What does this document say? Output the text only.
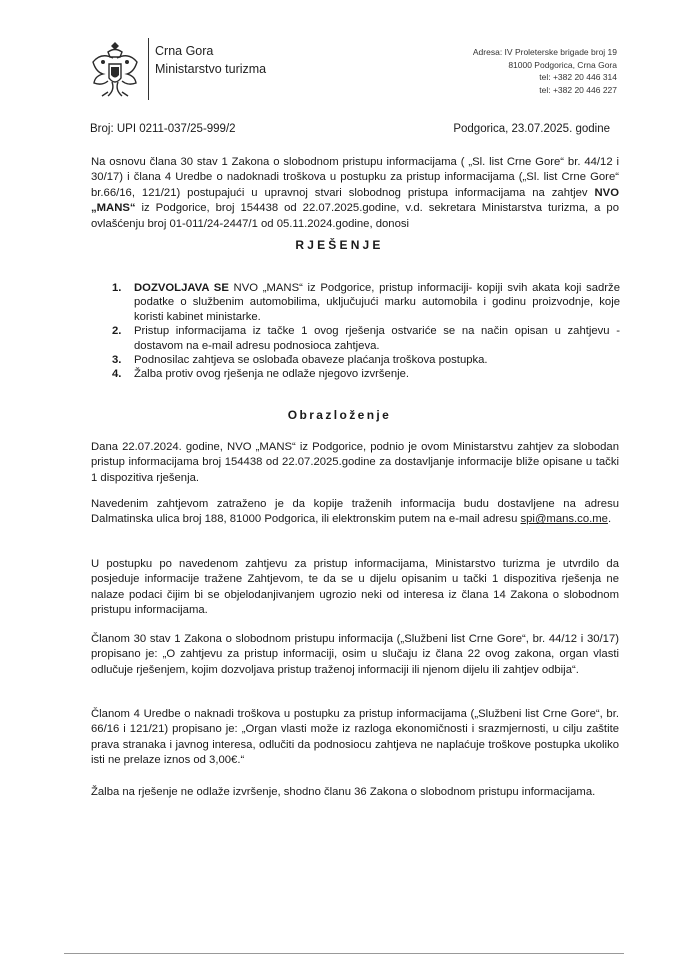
Crna Gora
Ministarstvo turizma
Adresa: IV Proleterske brigade broj 19
81000 Podgorica, Crna Gora
tel: +382 20 446 314
tel: +382 20 446 227
Broj: UPI 0211-037/25-999/2	Podgorica, 23.07.2025. godine

Na osnovu člana 30 stav 1 Zakona o slobodnom pristupu informacijama ( „Sl. list Crne Gore“ br. 44/12 i 30/17) i člana 4 Uredbe o nadoknadi troškova u postupku za pristup informacijama („Sl. list Crne Gore“ br.66/16, 121/21) postupajući u upravnoj stvari slobodnog pristupa informacijama na zahtjev NVO „MANS“ iz Podgorice, broj 154438 od 22.07.2025.godine, v.d. sekretara Ministarstva turizma, a po ovlašćenju broj 01-011/24-2447/1 od 05.11.2024.godine, donosi

RJEŠENJE
1. DOZVOLJAVA SE NVO „MANS“ iz Podgorice, pristup informaciji- kopiji svih akata koji sadrže podatke o službenim automobilima, uključujući marku automobila i godinu proizvodnje, koje koristi kabinet ministarke.
2. Pristup informacijama iz tačke 1 ovog rješenja ostvariće se na način opisan u zahtjevu - dostavom na e-mail adresu podnosioca zahtjeva.
3. Podnosilac zahtjeva se oslobađa obaveze plaćanja troškova postupka.
4. Žalba protiv ovog rješenja ne odlaže njegovo izvršenje.
Obrazloženje

Dana 22.07.2024. godine, NVO „MANS“ iz Podgorice, podnio je ovom Ministarstvu zahtjev za slobodan pristup informacijama broj 154438 od 22.07.2025.godine za dostavljanje informacije bliže opisane u tački 1 dispozitiva rješenja.

Navedenim zahtjevom zatraženo je da kopije traženih informacija budu dostavljene na adresu Dalmatinska ulica broj 188, 81000 Podgorica, ili elektronskim putem na e-mail adresu spi@mans.co.me.

U postupku po navedenom zahtjevu za pristup informacijama, Ministarstvo turizma je utvrdilo da posjeduje informacije tražene Zahtjevom, te da se u dijelu opisanim u tački 1 dispozitiva rješenja ne nalaze podaci čijim bi se objelodanjivanjem ugrozio neki od interesa iz člana 14 Zakona o slobodnom pristupu informacijama.

Članom 30 stav 1 Zakona o slobodnom pristupu informacija („Službeni list Crne Gore“, br. 44/12 i 30/17) propisano je: „O zahtjevu za pristup informaciji, osim u slučaju iz člana 22 ovog zakona, organ vlasti odlučuje rješenjem, kojim dozvoljava pristup traženoj informaciji ili njenom dijelu ili zahtjev odbija“.

Članom 4 Uredbe o naknadi troškova u postupku za pristup informacijama („Službeni list Crne Gore“, br. 66/16 i 121/21) propisano je: „Organ vlasti može iz razloga ekonomičnosti i srazmjernosti, u cilju zaštite prava stranaka i javnog interesa, odlučiti da podnosiocu zahtjeva ne naplaćuje troškove postupka ukoliko isti ne prelaze iznos od 3,00€.“

Žalba na rješenje ne odlaže izvršenje, shodno članu 36 Zakona o slobodnom pristupu informacijama.
